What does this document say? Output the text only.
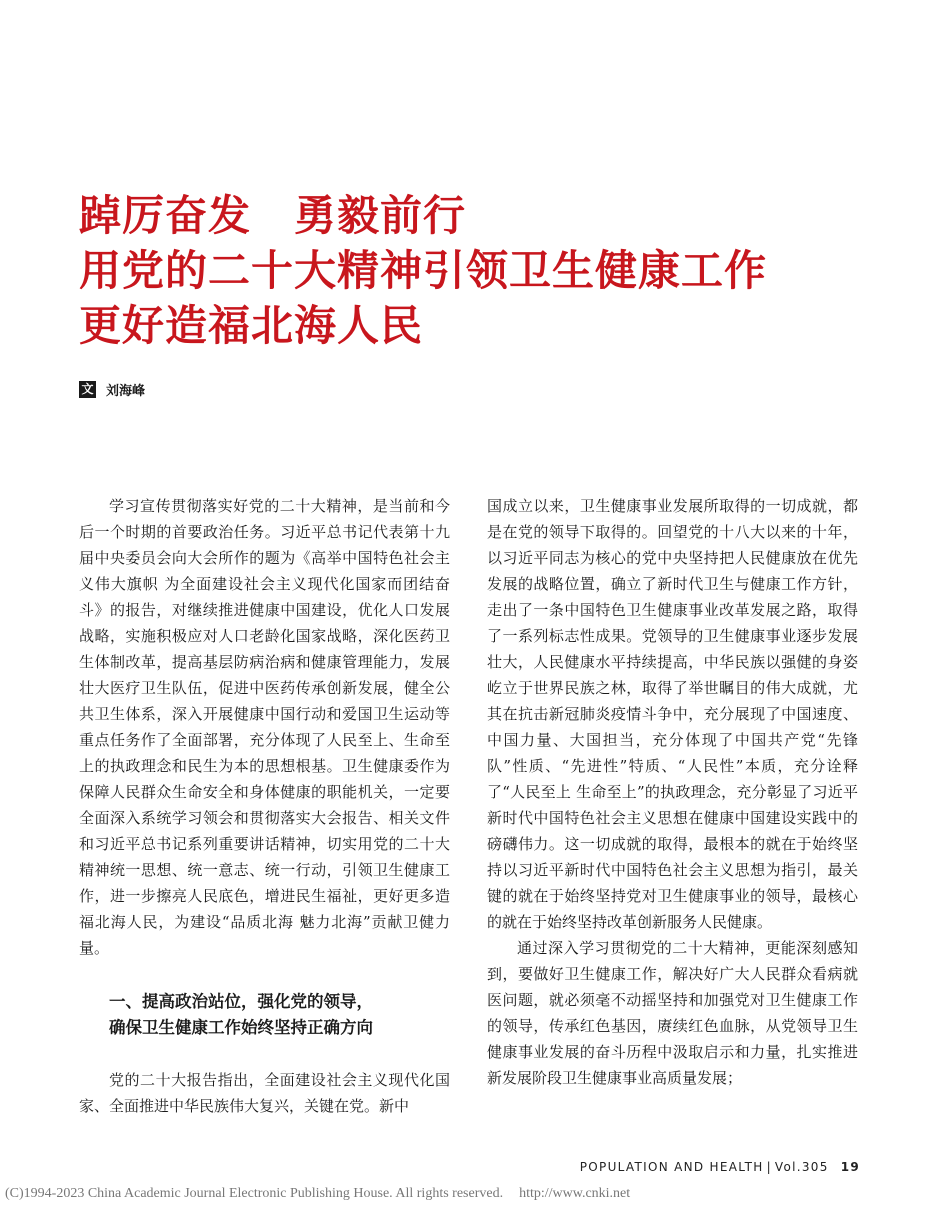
踔厉奋发　勇毅前行
用党的二十大精神引领卫生健康工作
更好造福北海人民
文 刘海峰

学习宣传贯彻落实好党的二十大精神，是当前和今后一个时期的首要政治任务。习近平总书记代表第十九届中央委员会向大会所作的题为《高举中国特色社会主义伟大旗帜 为全面建设社会主义现代化国家而团结奋斗》的报告，对继续推进健康中国建设，优化人口发展战略，实施积极应对人口老龄化国家战略，深化医药卫生体制改革，提高基层防病治病和健康管理能力，发展壮大医疗卫生队伍，促进中医药传承创新发展，健全公共卫生体系，深入开展健康中国行动和爱国卫生运动等重点任务作了全面部署，充分体现了人民至上、生命至上的执政理念和民生为本的思想根基。卫生健康委作为保障人民群众生命安全和身体健康的职能机关，一定要全面深入系统学习领会和贯彻落实大会报告、相关文件和习近平总书记系列重要讲话精神，切实用党的二十大精神统一思想、统一意志、统一行动，引领卫生健康工作，进一步擦亮人民底色，增进民生福祉，更好更多造福北海人民，为建设“品质北海 魅力北海”贡献卫健力量。

一、提高政治站位，强化党的领导，
确保卫生健康工作始终坚持正确方向

党的二十大报告指出，全面建设社会主义现代化国家、全面推进中华民族伟大复兴，关键在党。新中

国成立以来，卫生健康事业发展所取得的一切成就，都是在党的领导下取得的。回望党的十八大以来的十年，以习近平同志为核心的党中央坚持把人民健康放在优先发展的战略位置，确立了新时代卫生与健康工作方针，走出了一条中国特色卫生健康事业改革发展之路，取得了一系列标志性成果。党领导的卫生健康事业逐步发展壮大，人民健康水平持续提高，中华民族以强健的身姿屹立于世界民族之林，取得了举世瞩目的伟大成就，尤其在抗击新冠肺炎疫情斗争中，充分展现了中国速度、中国力量、大国担当，充分体现了中国共产党“先锋队”性质、“先进性”特质、“人民性”本质，充分诠释了“人民至上 生命至上”的执政理念，充分彰显了习近平新时代中国特色社会主义思想在健康中国建设实践中的磅礴伟力。这一切成就的取得，最根本的就在于始终坚持以习近平新时代中国特色社会主义思想为指引，最关键的就在于始终坚持党对卫生健康事业的领导，最核心的就在于始终坚持改革创新服务人民健康。

通过深入学习贯彻党的二十大精神，更能深刻感知到，要做好卫生健康工作，解决好广大人民群众看病就医问题，就必须毫不动摇坚持和加强党对卫生健康工作的领导，传承红色基因，赓续红色血脉，从党领导卫生健康事业发展的奋斗历程中汲取启示和力量，扎实推进新发展阶段卫生健康事业高质量发展；

POPULATION AND HEALTH | Vol.305 19
(C)1994-2023 China Academic Journal Electronic Publishing House. All rights reserved. http://www.cnki.net
